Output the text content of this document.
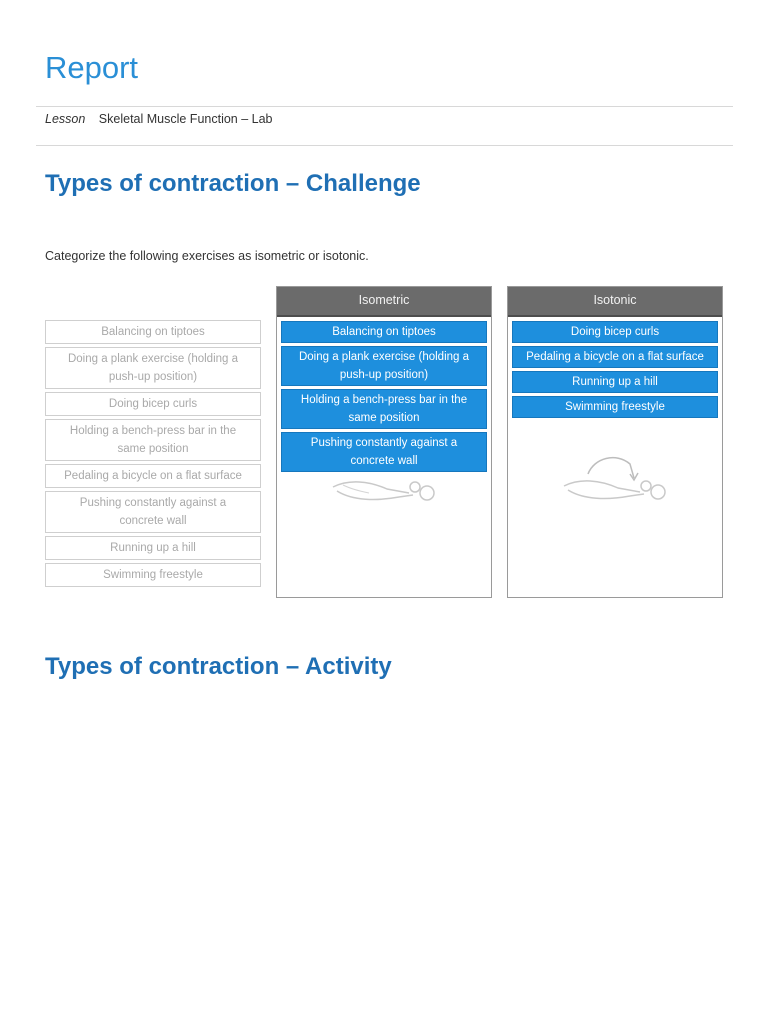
Report
Lesson Skeletal Muscle Function – Lab
Types of contraction – Challenge
Categorize the following exercises as isometric or isotonic.
Balancing on tiptoes
Doing a plank exercise (holding a push-up position)
Doing bicep curls
Holding a bench-press bar in the same position
Pedaling a bicycle on a flat surface
Pushing constantly against a concrete wall
Running up a hill
Swimming freestyle
Isometric
Balancing on tiptoes
Doing a plank exercise (holding a push-up position)
Holding a bench-press bar in the same position
Pushing constantly against a concrete wall
Isotonic
Doing bicep curls
Pedaling a bicycle on a flat surface
Running up a hill
Swimming freestyle
Types of contraction – Activity
